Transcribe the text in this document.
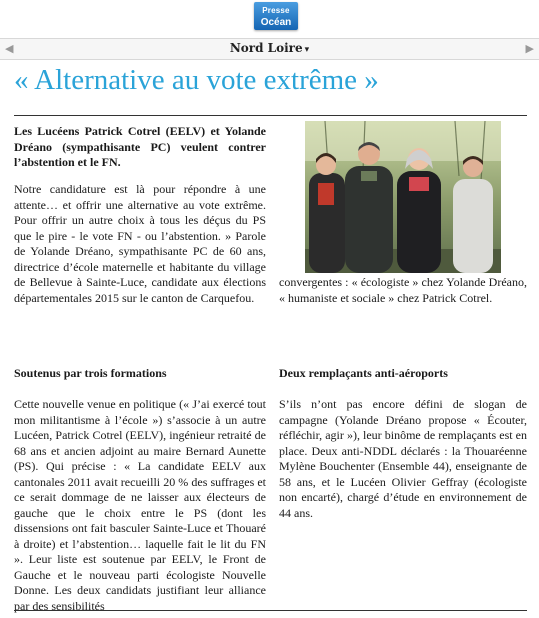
Presse
Océan
◀	Nord Loire ▾	▶
« Alternative au vote extrême »

Les Lucéens Patrick Cotrel (EELV) et Yolande Dréano (sympathisante PC) veulent contrer l’abstention et le FN.

Notre candidature est là pour répondre à une attente… et offrir une alternative au vote extrême. Pour offrir un autre choix à tous les déçus du PS que le pire - le vote FN - ou l’abstention. » Parole de Yolande Dréano, sympathisante PC de 60 ans, directrice d’école maternelle et habitante du village de Bellevue à Sainte-Luce, candidate aux élections départementales 2015 sur le canton de Carquefou.

convergentes : « écologiste » chez Yolande Dréano, « humaniste et sociale » chez Patrick Cotrel.

Soutenus par trois formations	Deux remplaçants anti-aéroports

Cette nouvelle venue en politique (« J’ai exercé tout mon militantisme à l’école ») s’associe à un autre Lucéen, Patrick Cotrel (EELV), ingénieur retraité de 68 ans et ancien adjoint au maire Bernard Aunette (PS). Qui précise : « La candidate EELV aux cantonales 2011 avait recueilli 20 % des suffrages et ce serait dommage de ne laisser aux électeurs de gauche que le choix entre le PS (dont les dissensions ont fait basculer Sainte-Luce et Thouaré à droite) et l’abstention… laquelle fait le lit du FN ». Leur liste est soutenue par EELV, le Front de Gauche et le nouveau parti écologiste Nouvelle Donne. Les deux candidats justifiant leur alliance par des sensibilités

S’ils n’ont pas encore défini de slogan de campagne (Yolande Dréano propose « Écouter, réfléchir, agir »), leur binôme de remplaçants est en place. Deux anti-NDDL déclarés : la Thouaréenne Mylène Bouchenter (Ensemble 44), enseignante de 58 ans, et le Lucéen Olivier Geffray (écologiste non encarté), chargé d’étude en environnement de 44 ans.
